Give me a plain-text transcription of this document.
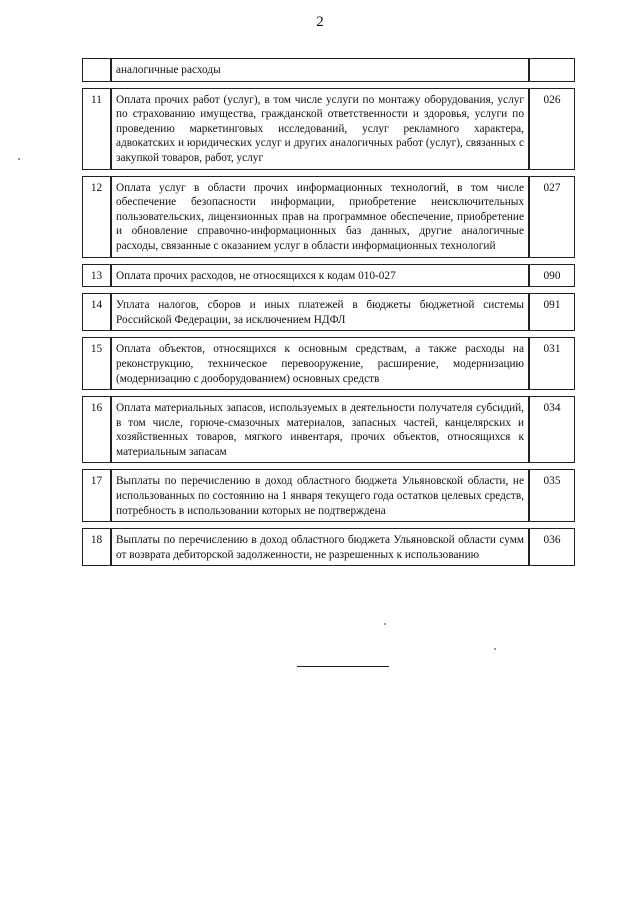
2
	аналогичные расходы	

11	Оплата прочих работ (услуг), в том числе услуги по монтажу оборудования, услуг по страхованию имущества, гражданской ответственности и здоровья, услуги по проведению маркетинговых исследований, услуг рекламного характера, адвокатских и юридических услуг и других аналогичных работ (услуг), связанных с закупкой товаров, работ, услуг	026

12	Оплата услуг в области прочих информационных технологий, в том числе обеспечение безопасности информации, приобретение неисключительных пользовательских, лицензионных прав на программное обеспечение, приобретение и обновление справочно-информационных баз данных, другие аналогичные расходы, связанные с оказанием услуг в области информационных технологий	027

13	Оплата прочих расходов, не относящихся к кодам 010-027	090

14	Уплата налогов, сборов и иных платежей в бюджеты бюджетной системы Российской Федерации, за исключением НДФЛ	091

15	Оплата объектов, относящихся к основным средствам, а также расходы на реконструкцию, техническое перевооружение, расширение, модернизацию (модернизацию с дооборудованием) основных средств	031

16	Оплата материальных запасов, используемых в деятельности получателя субсидий, в том числе, горюче-смазочных материалов, запасных частей, канцелярских и хозяйственных товаров, мягкого инвентаря, прочих объектов, относящихся к материальным запасам	034

17	Выплаты по перечислению в доход областного бюджета Ульяновской области, не использованных по состоянию на 1 января текущего года остатков целевых средств, потребность в использовании которых не подтверждена	035

18	Выплаты по перечислению в доход областного бюджета Ульяновской области сумм от возврата дебиторской задолженности, не разрешенных к использованию	036
